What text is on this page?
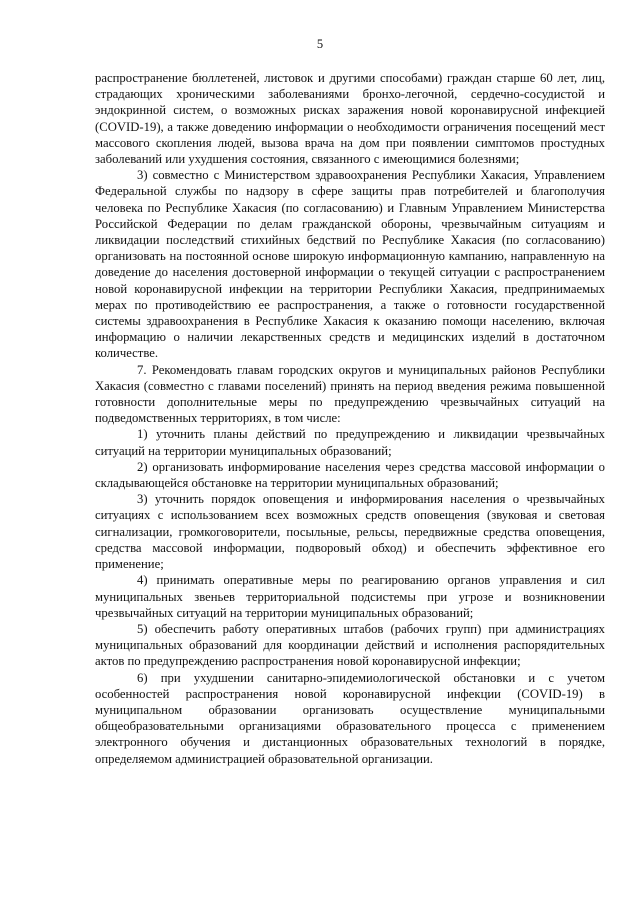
5

распространение бюллетеней, листовок и другими способами) граждан старше 60 лет, лиц, страдающих хроническими заболеваниями бронхо-легочной, сердечно-сосудистой и эндокринной систем, о возможных рисках заражения новой коронавирусной инфекцией (COVID-19), а также доведению информации о необходимости ограничения посещений мест массового скопления людей, вызова врача на дом при появлении симптомов простудных заболеваний или ухудшения состояния, связанного с имеющимися болезнями;

3) совместно с Министерством здравоохранения Республики Хакасия, Управлением Федеральной службы по надзору в сфере защиты прав потребителей и благополучия человека по Республике Хакасия (по согласованию) и Главным Управлением Министерства Российской Федерации по делам гражданской обороны, чрезвычайным ситуациям и ликвидации последствий стихийных бедствий по Республике Хакасия (по согласованию) организовать на постоянной основе широкую информационную кампанию, направленную на доведение до населения достоверной информации о текущей ситуации с распространением новой коронавирусной инфекции на территории Республики Хакасия, предпринимаемых мерах по противодействию ее распространения, а также о готовности государственной системы здравоохранения в Республике Хакасия к оказанию помощи населению, включая информацию о наличии лекарственных средств и медицинских изделий в достаточном количестве.

7. Рекомендовать главам городских округов и муниципальных районов Республики Хакасия (совместно с главами поселений) принять на период введения режима повышенной готовности дополнительные меры по предупреждению чрезвычайных ситуаций на подведомственных территориях, в том числе:

1) уточнить планы действий по предупреждению и ликвидации чрезвычайных ситуаций на территории муниципальных образований;

2) организовать информирование населения через средства массовой информации о складывающейся обстановке на территории муниципальных образований;

3) уточнить порядок оповещения и информирования населения о чрезвычайных ситуациях с использованием всех возможных средств оповещения (звуковая и световая сигнализации, громкоговорители, посыльные, рельсы, передвижные средства оповещения, средства массовой информации, подворовый обход) и обеспечить эффективное его применение;

4) принимать оперативные меры по реагированию органов управления и сил муниципальных звеньев территориальной подсистемы при угрозе и возникновении чрезвычайных ситуаций на территории муниципальных образований;

5) обеспечить работу оперативных штабов (рабочих групп) при администрациях муниципальных образований для координации действий и исполнения распорядительных актов по предупреждению распространения новой коронавирусной инфекции;

6) при ухудшении санитарно-эпидемиологической обстановки и с учетом особенностей распространения новой коронавирусной инфекции (COVID-19) в муниципальном образовании организовать осуществление муниципальными общеобразовательными организациями образовательного процесса с применением электронного обучения и дистанционных образовательных технологий в порядке, определяемом администрацией образовательной организации.
